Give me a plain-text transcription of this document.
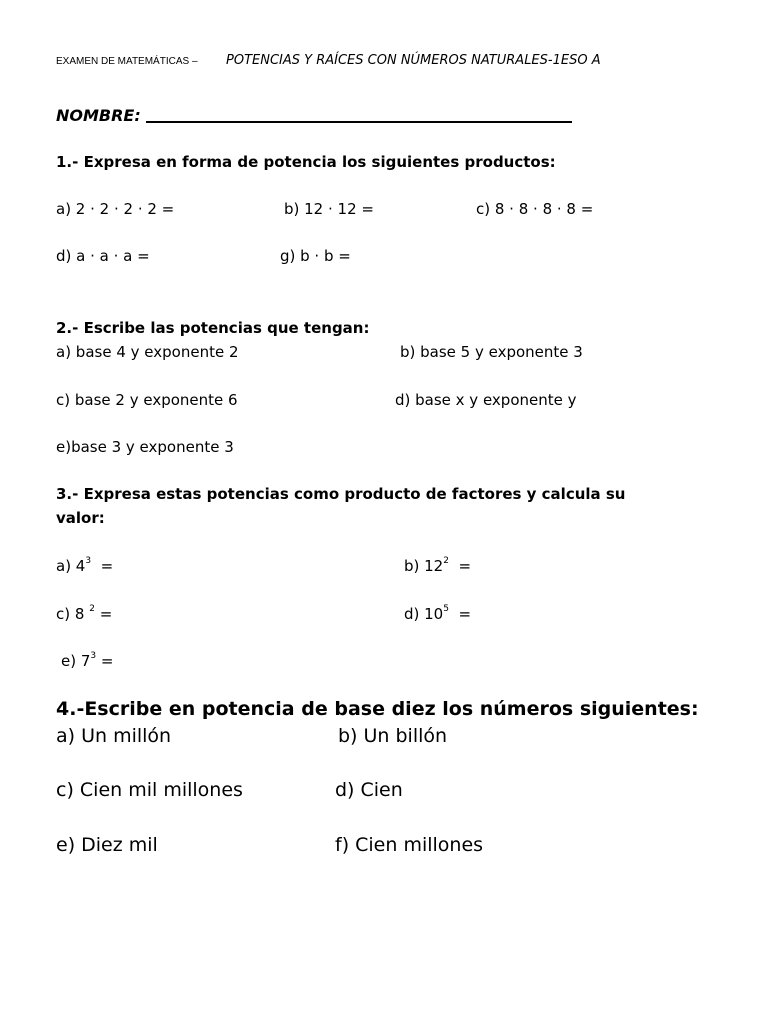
EXAMEN DE MATEMÁTICAS – POTENCIAS Y RAÍCES CON NÚMEROS NATURALES-1ESO A
NOMBRE:
1.- Expresa en forma de potencia los siguientes productos:
a) 2 · 2 · 2 · 2 =	b) 12 · 12 =	c) 8 · 8 · 8 · 8 =
d) a · a · a =	g) b · b =
2.- Escribe las potencias que tengan:
a) base 4 y exponente 2	b) base 5 y exponente 3
c) base 2 y exponente 6	d) base x y exponente y
e)base 3 y exponente 3
3.- Expresa estas potencias como producto de factores y calcula su
valor:
a) $4^3$  =	b) $12^2$  =
c) 8 $^2$ =	d) $10^5$  =
e) $7^3$ =
4.-Escribe en potencia de base diez los números siguientes:
a) Un millón	b) Un billón
c) Cien mil millones	d) Cien
e) Diez mil	f) Cien millones
